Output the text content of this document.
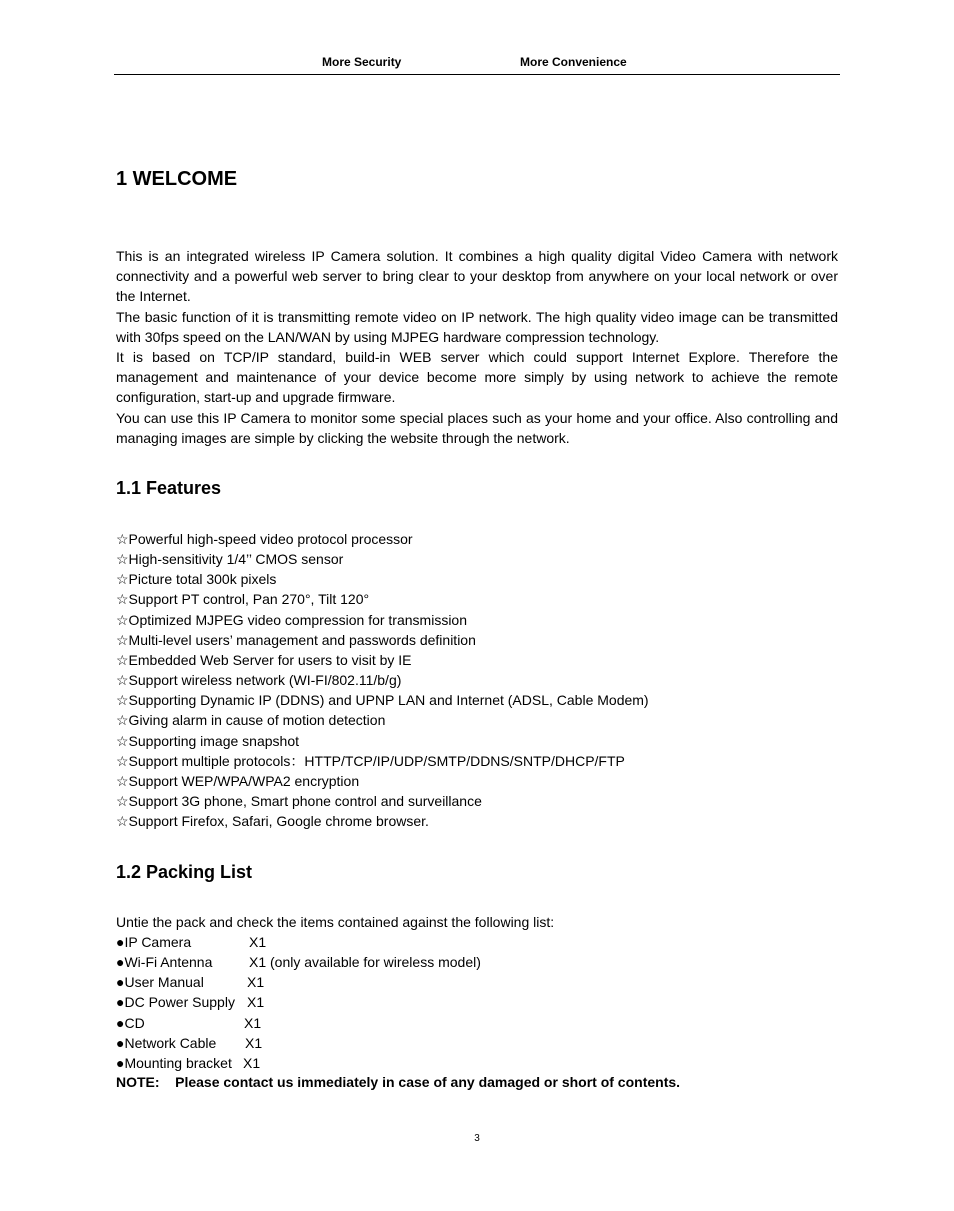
More Security	More Convenience
1 WELCOME

This is an integrated wireless IP Camera solution. It combines a high quality digital Video Camera with network connectivity and a powerful web server to bring clear to your desktop from anywhere on your local network or over the Internet.

The basic function of it is transmitting remote video on IP network. The high quality video image can be transmitted with 30fps speed on the LAN/WAN by using MJPEG hardware compression technology.

It is based on TCP/IP standard, build-in WEB server which could support Internet Explore. Therefore the management and maintenance of your device become more simply by using network to achieve the remote configuration, start-up and upgrade firmware.

You can use this IP Camera to monitor some special places such as your home and your office. Also controlling and managing images are simple by clicking the website through the network.

1.1 Features
☆Powerful high-speed video protocol processor
☆High-sensitivity 1/4’’ CMOS sensor
☆Picture total 300k pixels
☆Support PT control, Pan 270°, Tilt 120°
☆Optimized MJPEG video compression for transmission
☆Multi-level users’ management and passwords definition
☆Embedded Web Server for users to visit by IE
☆Support wireless network (WI-FI/802.11/b/g)
☆Supporting Dynamic IP (DDNS) and UPNP LAN and Internet (ADSL, Cable Modem)
☆Giving alarm in cause of motion detection
☆Supporting image snapshot
☆Support multiple protocols：HTTP/TCP/IP/UDP/SMTP/DDNS/SNTP/DHCP/FTP
☆Support WEP/WPA/WPA2 encryption
☆Support 3G phone, Smart phone control and surveillance
☆Support Firefox, Safari, Google chrome browser.
1.2 Packing List

Untie the pack and check the items contained against the following list:

●IP Camera	X1
●Wi-Fi Antenna	X1 (only available for wireless model)
●User Manual	X1
●DC Power Supply X1
●CD	X1
●Network Cable	X1
●Mounting bracket X1

NOTE:    Please contact us immediately in case of any damaged or short of contents.

3
